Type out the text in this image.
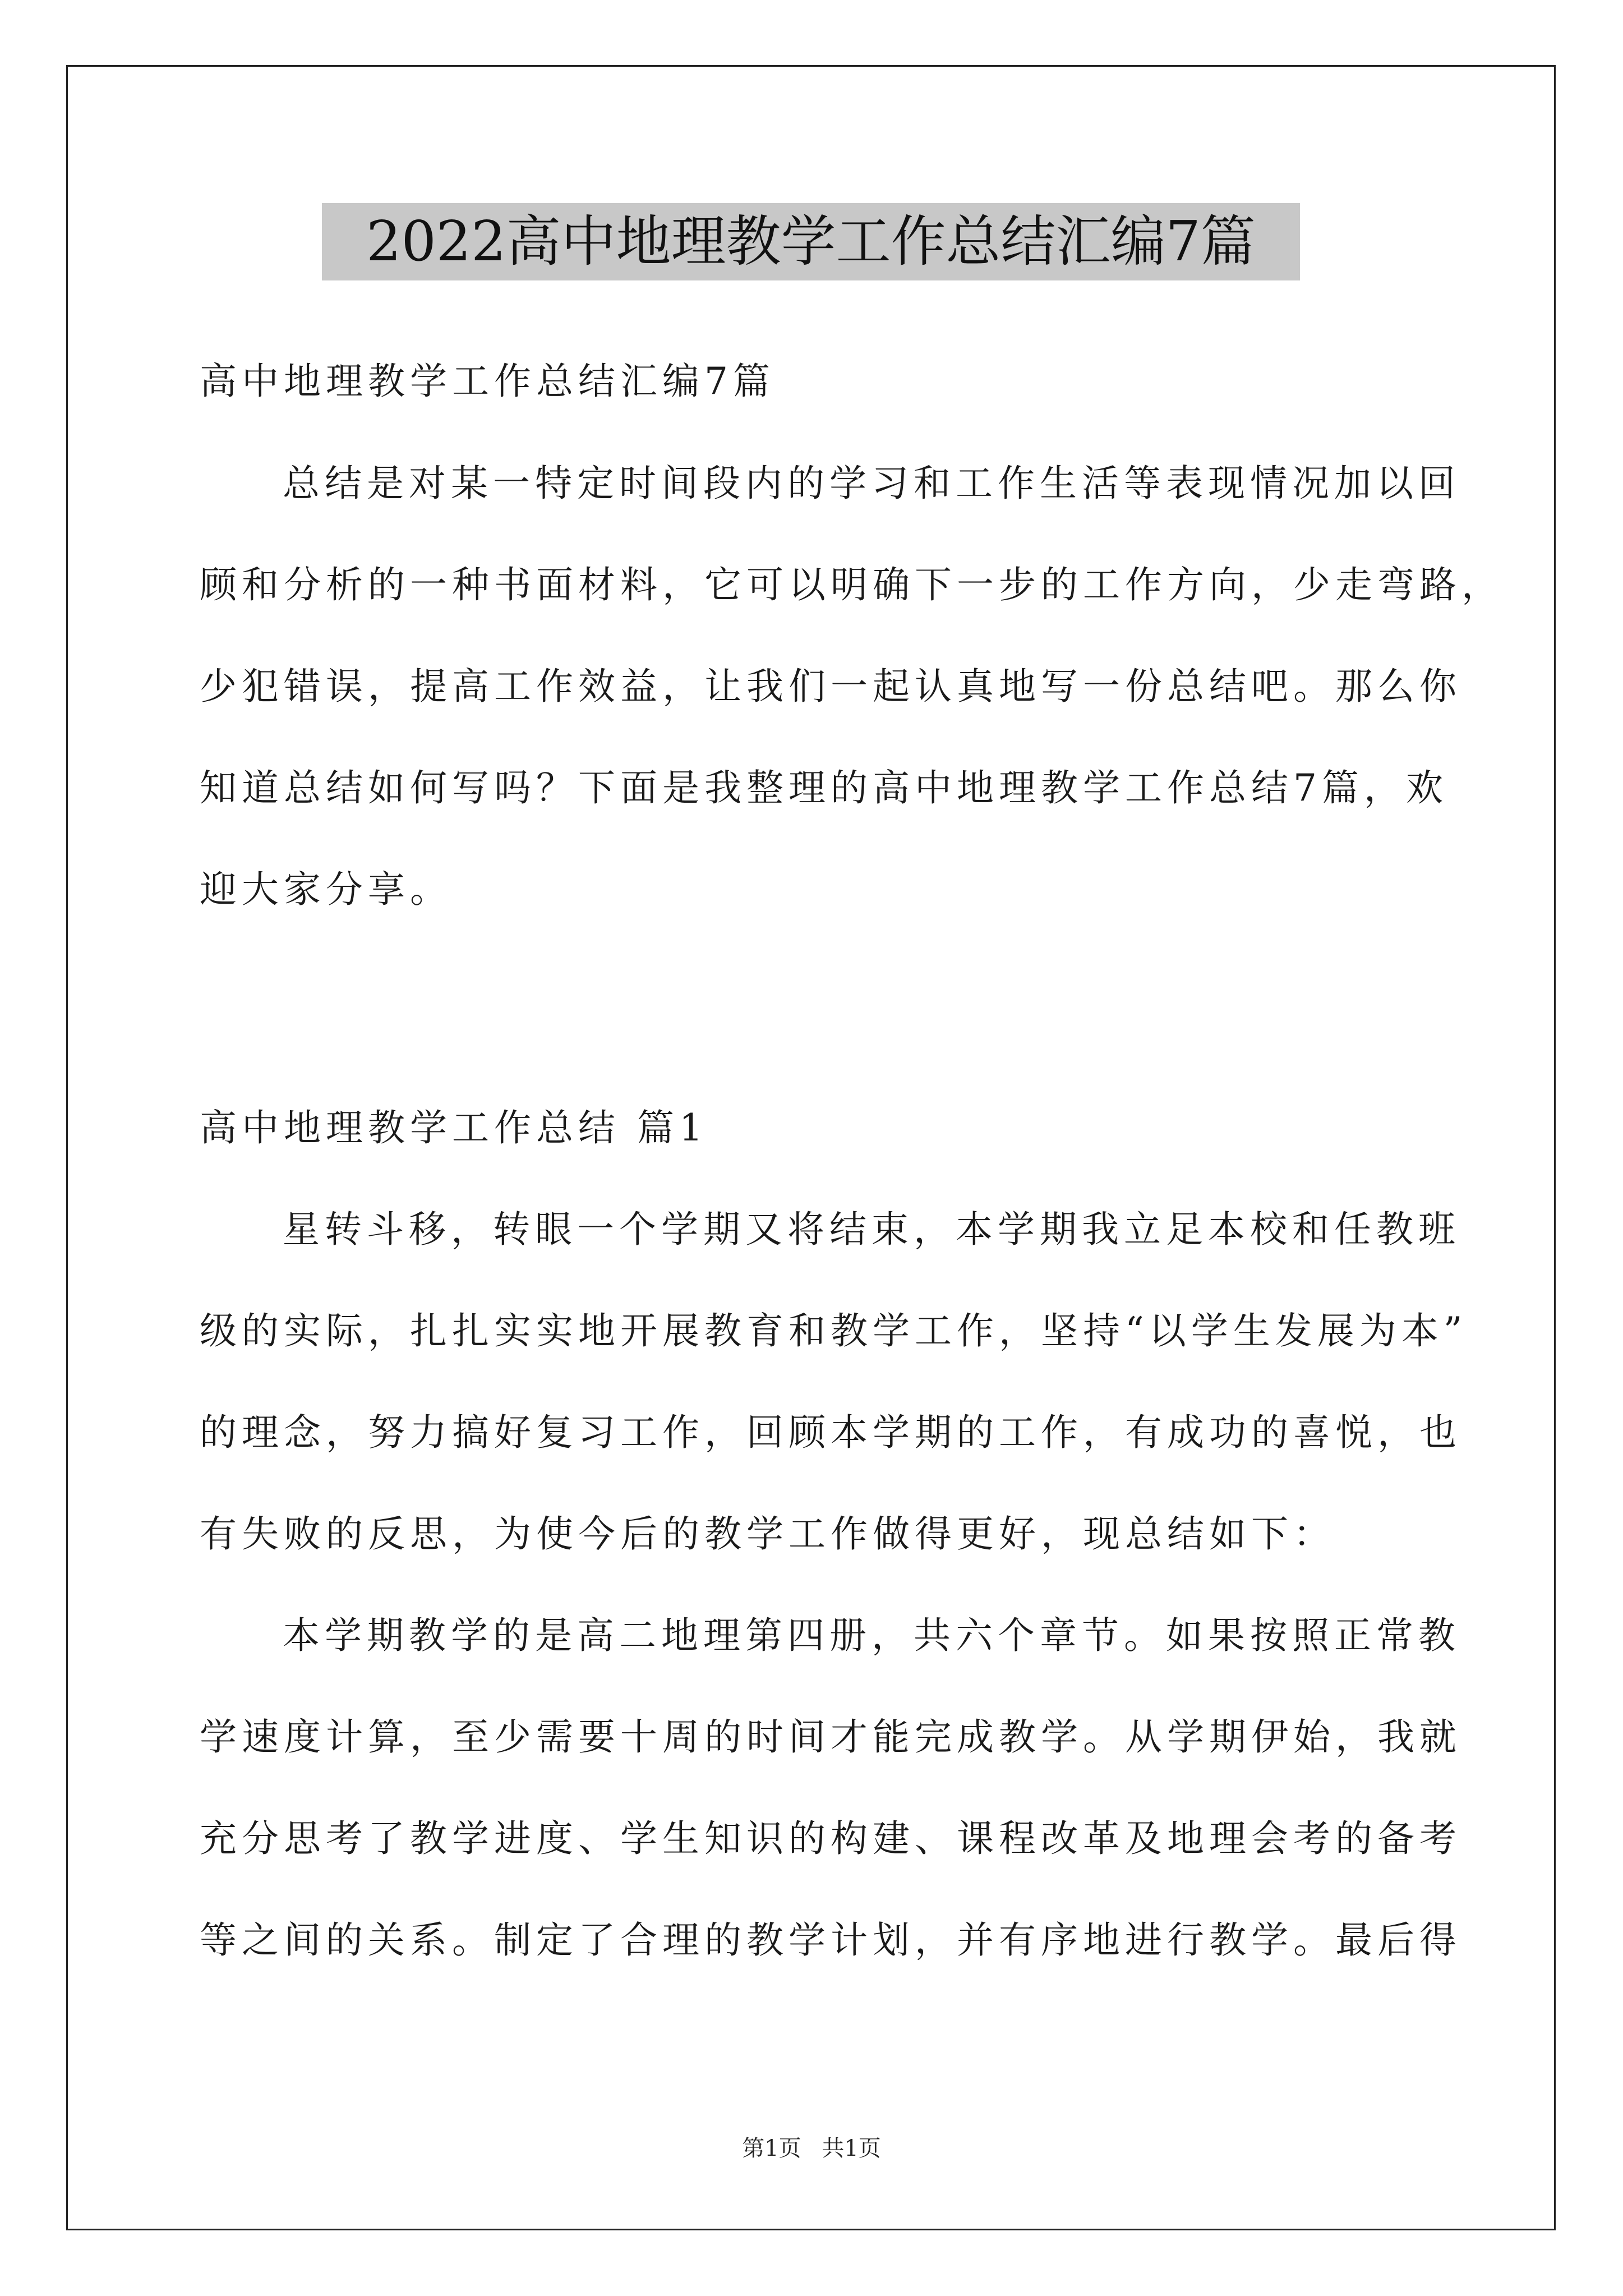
2022高中地理教学工作总结汇编7篇
高中地理教学工作总结汇编7篇
总结是对某一特定时间段内的学习和工作生活等表现情况加以回
顾和分析的一种书面材料，它可以明确下一步的工作方向，少走弯路，
少犯错误，提高工作效益，让我们一起认真地写一份总结吧。那么你
知道总结如何写吗？下面是我整理的高中地理教学工作总结7篇，欢
迎大家分享。
高中地理教学工作总结 篇1
星转斗移，转眼一个学期又将结束，本学期我立足本校和任教班
级的实际，扎扎实实地开展教育和教学工作，坚持“以学生发展为本”
的理念，努力搞好复习工作，回顾本学期的工作，有成功的喜悦，也
有失败的反思，为使今后的教学工作做得更好，现总结如下：
本学期教学的是高二地理第四册，共六个章节。如果按照正常教
学速度计算，至少需要十周的时间才能完成教学。从学期伊始，我就
充分思考了教学进度、学生知识的构建、课程改革及地理会考的备考
等之间的关系。制定了合理的教学计划，并有序地进行教学。最后得
第1页 共1页
